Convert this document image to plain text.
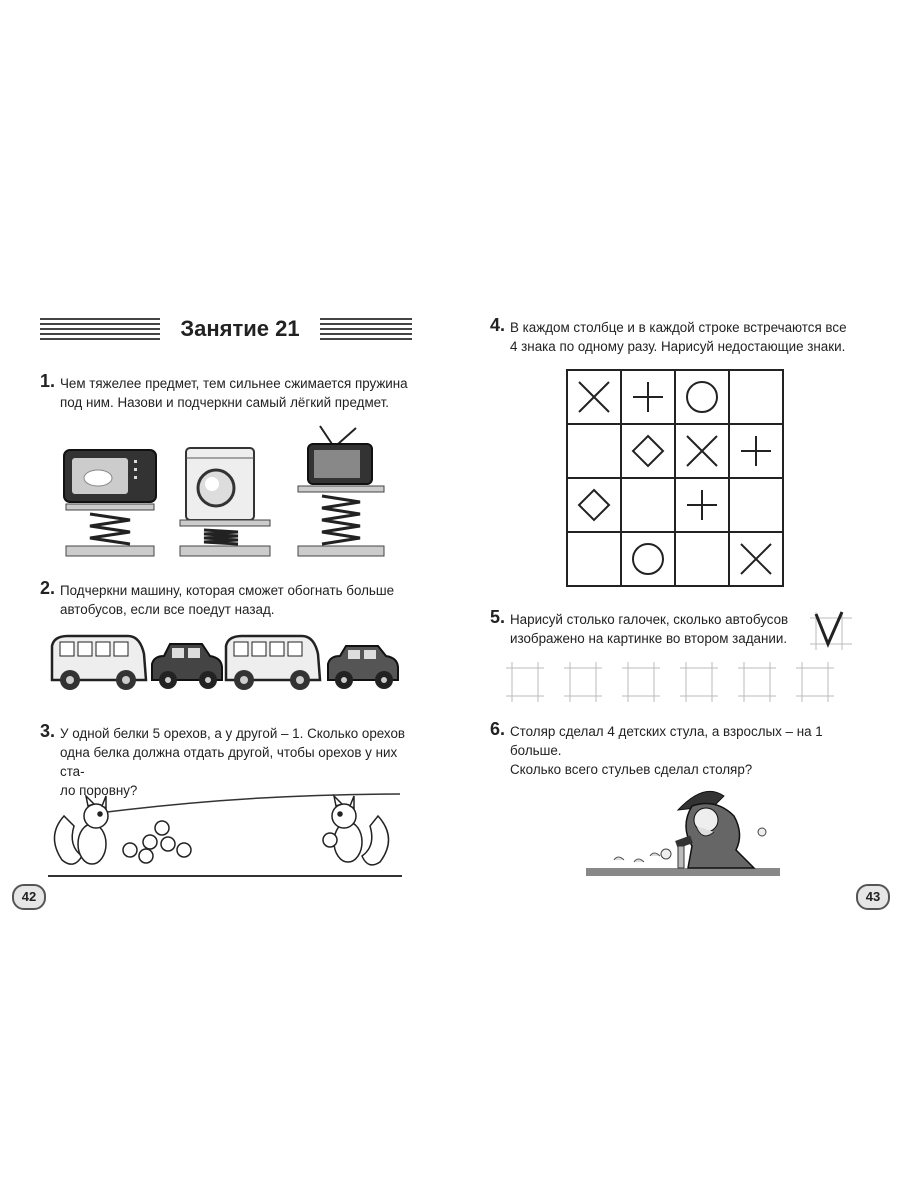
Занятие 21
1. Чем тяжелее предмет, тем сильнее сжимается пружина
под ним. Назови и подчеркни самый лёгкий предмет.
2. Подчеркни машину, которая сможет обогнать больше
автобусов, если все поедут назад.
3. У одной белки 5 орехов, а у другой – 1. Сколько орехов
одна белка должна отдать другой, чтобы орехов у них ста-
ло поровну?
42
4. В каждом столбце и в каждой строке встречаются все
4 знака по одному разу. Нарисуй недостающие знаки.
5. Нарисуй столько галочек, сколько автобусов
изображено на картинке во втором задании.
6. Столяр сделал 4 детских стула, а взрослых – на 1 больше.
Сколько всего стульев сделал столяр?
43
